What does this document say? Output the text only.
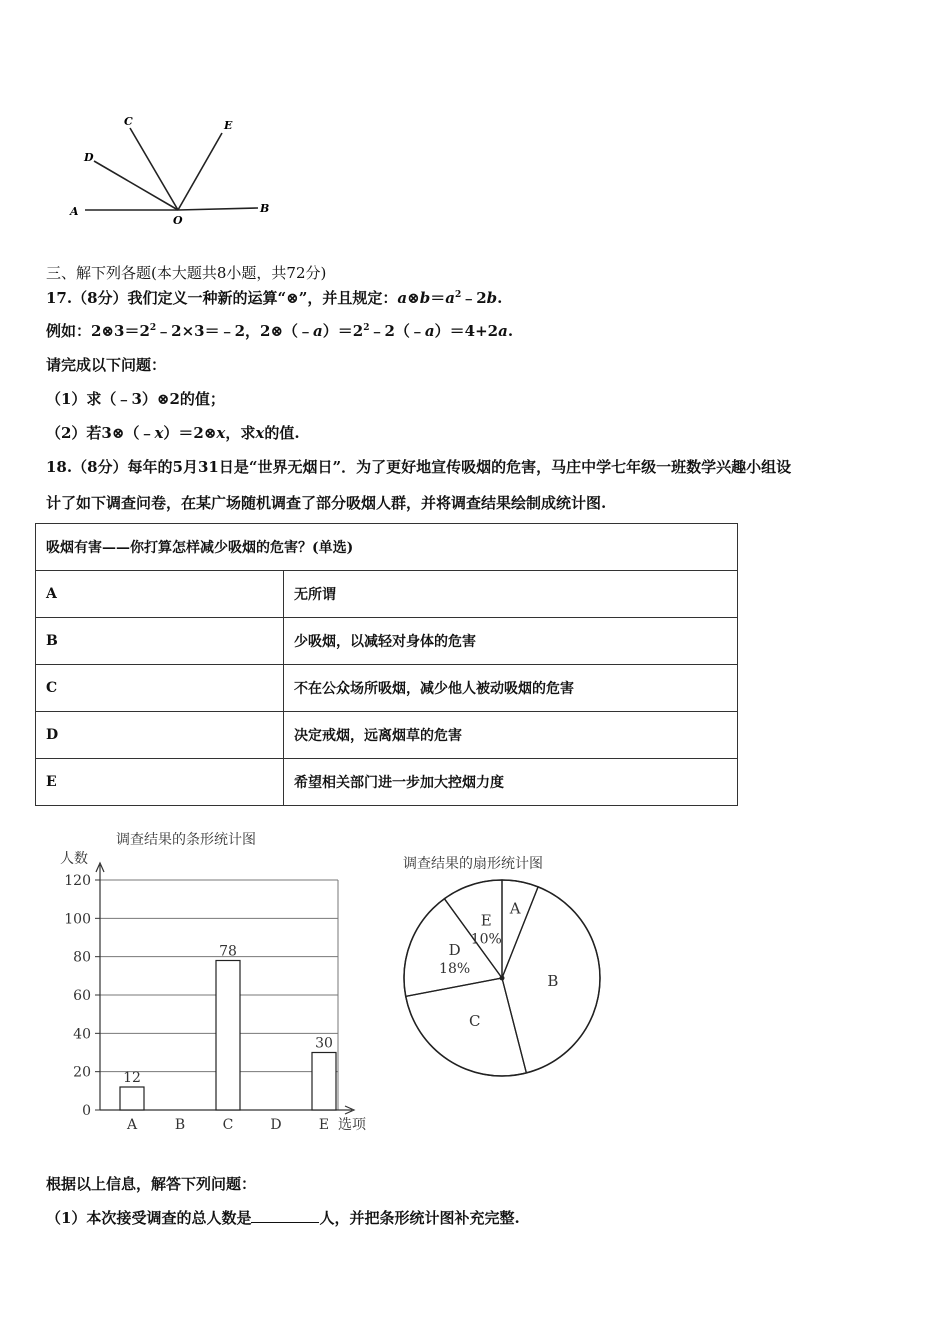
A	B
C
D
E
O
三、解下列各题(本大题共8小题，共72分)
17.（8分）我们定义一种新的运算“⊗”，并且规定：$a\otimes b=a^2﹣2b$.
例如：$2\otimes 3=2^2﹣2\times 3=﹣2$，$2\otimes(﹣a)=2^2﹣2(﹣a)=4+2a$.
请完成以下问题：
（1）求（﹣3）⊗2的值；
（2）若3⊗（﹣x）＝2⊗x，求x的值.
18.（8分）每年的5月31日是“世界无烟日”．为了更好地宣传吸烟的危害，马庄中学七年级一班数学兴趣小组设
计了如下调查问卷，在某广场随机调查了部分吸烟人群，并将调查结果绘制成统计图.
吸烟有害——你打算怎样减少吸烟的危害？(单选)	
A	无所谓
B	少吸烟，以减轻对身体的危害
C	不在公众场所吸烟，减少他人被动吸烟的危害
D	决定戒烟，远离烟草的危害
E	希望相关部门进一步加大控烟力度
调查结果的条形统计图
人数
选项
0
20
40
60
80
100
120
A	B	C	D	E
12
78
30
调查结果的扇形统计图
A
B
C
D
18%
E
10%
根据以上信息，解答下列问题：
（1）本次接受调查的总人数是	人，并把条形统计图补充完整.
